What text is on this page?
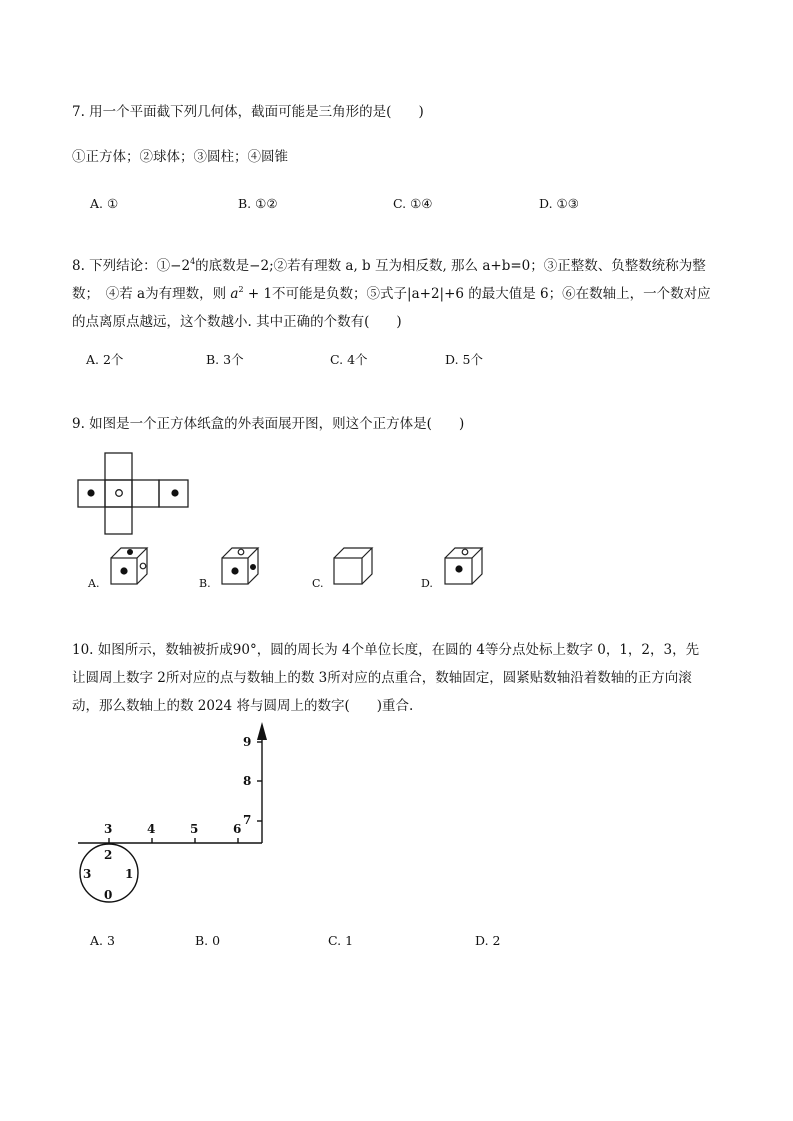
7. 用一个平面截下列几何体，截面可能是三角形的是(　　)
①正方体；②球体；③圆柱；④圆锥
A. ①	B. ①②	C. ①④	D. ①③
8. 下列结论：$①-2^4$的底数是−2;②若有理数 a, b 互为相反数, 那么 a+b=0；③正整数、负整数统称为整
数；　④若 a为有理数，则 $a^2 + 1$不可能是负数；⑤式子|a+2|+6 的最大值是 6；⑥在数轴上，一个数对应
的点离原点越远，这个数越小. 其中正确的个数有(　　)
A. 2个	B. 3个	C. 4个	D. 5个
9. 如图是一个正方体纸盒的外表面展开图，则这个正方体是(　　)
A.	B.	C.	D.
10. 如图所示，数轴被折成90°，圆的周长为 4个单位长度，在圆的 4等分点处标上数字 0，1，2，3，先
让圆周上数字 2所对应的点与数轴上的数 3所对应的点重合，数轴固定，圆紧贴数轴沿着数轴的正方向滚
动，那么数轴上的数 2024 将与圆周上的数字(　　)重合.
3	4	5	6
7
8
9
2
1
0
3
A. 3	B. 0	C. 1	D. 2
